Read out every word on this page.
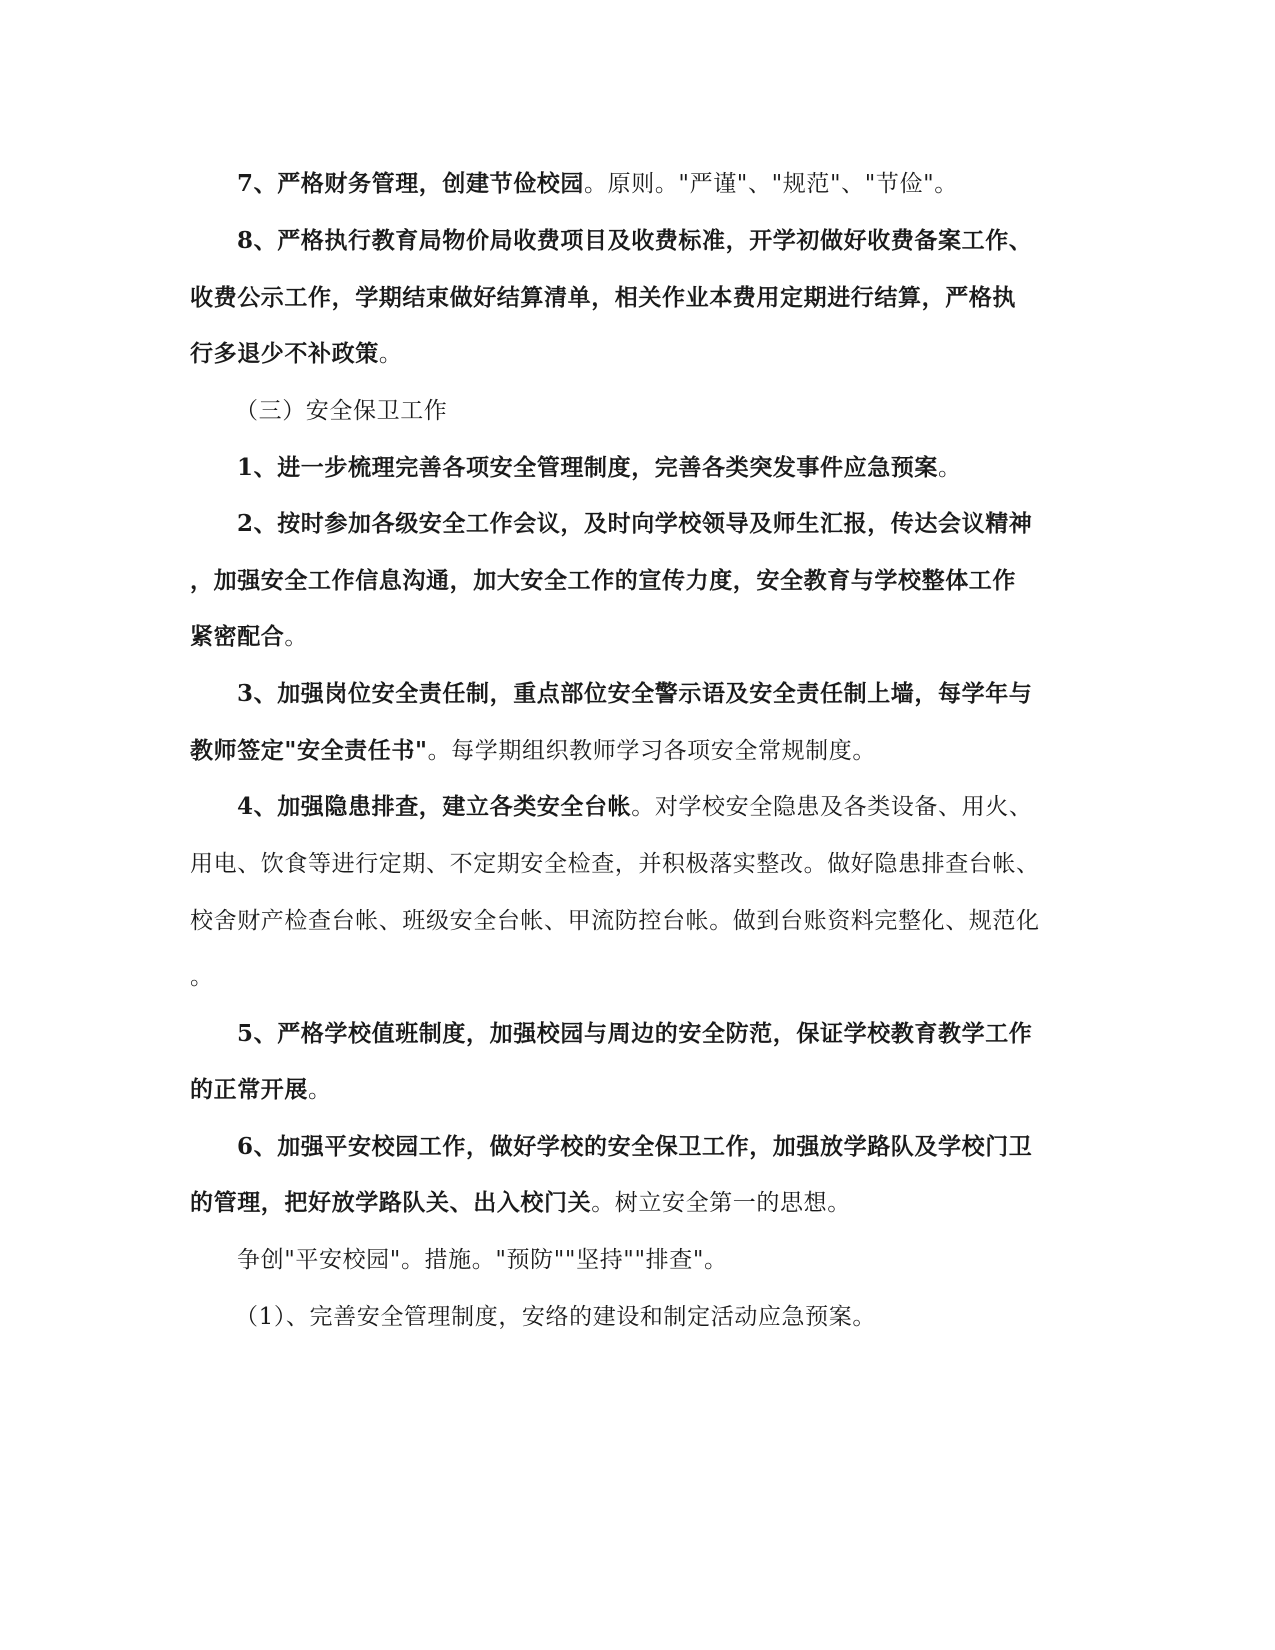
7、严格财务管理，创建节俭校园。原则。"严谨"、"规范"、"节俭"。
8、严格执行教育局物价局收费项目及收费标准，开学初做好收费备案工作、
收费公示工作，学期结束做好结算清单，相关作业本费用定期进行结算，严格执
行多退少不补政策。
（三）安全保卫工作
1、进一步梳理完善各项安全管理制度，完善各类突发事件应急预案。
2、按时参加各级安全工作会议，及时向学校领导及师生汇报，传达会议精神
，加强安全工作信息沟通，加大安全工作的宣传力度，安全教育与学校整体工作
紧密配合。
3、加强岗位安全责任制，重点部位安全警示语及安全责任制上墙，每学年与
教师签定"安全责任书"。每学期组织教师学习各项安全常规制度。
4、加强隐患排查，建立各类安全台帐。对学校安全隐患及各类设备、用火、
用电、饮食等进行定期、不定期安全检查，并积极落实整改。做好隐患排查台帐、
校舍财产检查台帐、班级安全台帐、甲流防控台帐。做到台账资料完整化、规范化
。
5、严格学校值班制度，加强校园与周边的安全防范，保证学校教育教学工作
的正常开展。
6、加强平安校园工作，做好学校的安全保卫工作，加强放学路队及学校门卫
的管理，把好放学路队关、出入校门关。树立安全第一的思想。
争创"平安校园"。措施。"预防""坚持""排查"。
（1）、完善安全管理制度，安络的建设和制定活动应急预案。
